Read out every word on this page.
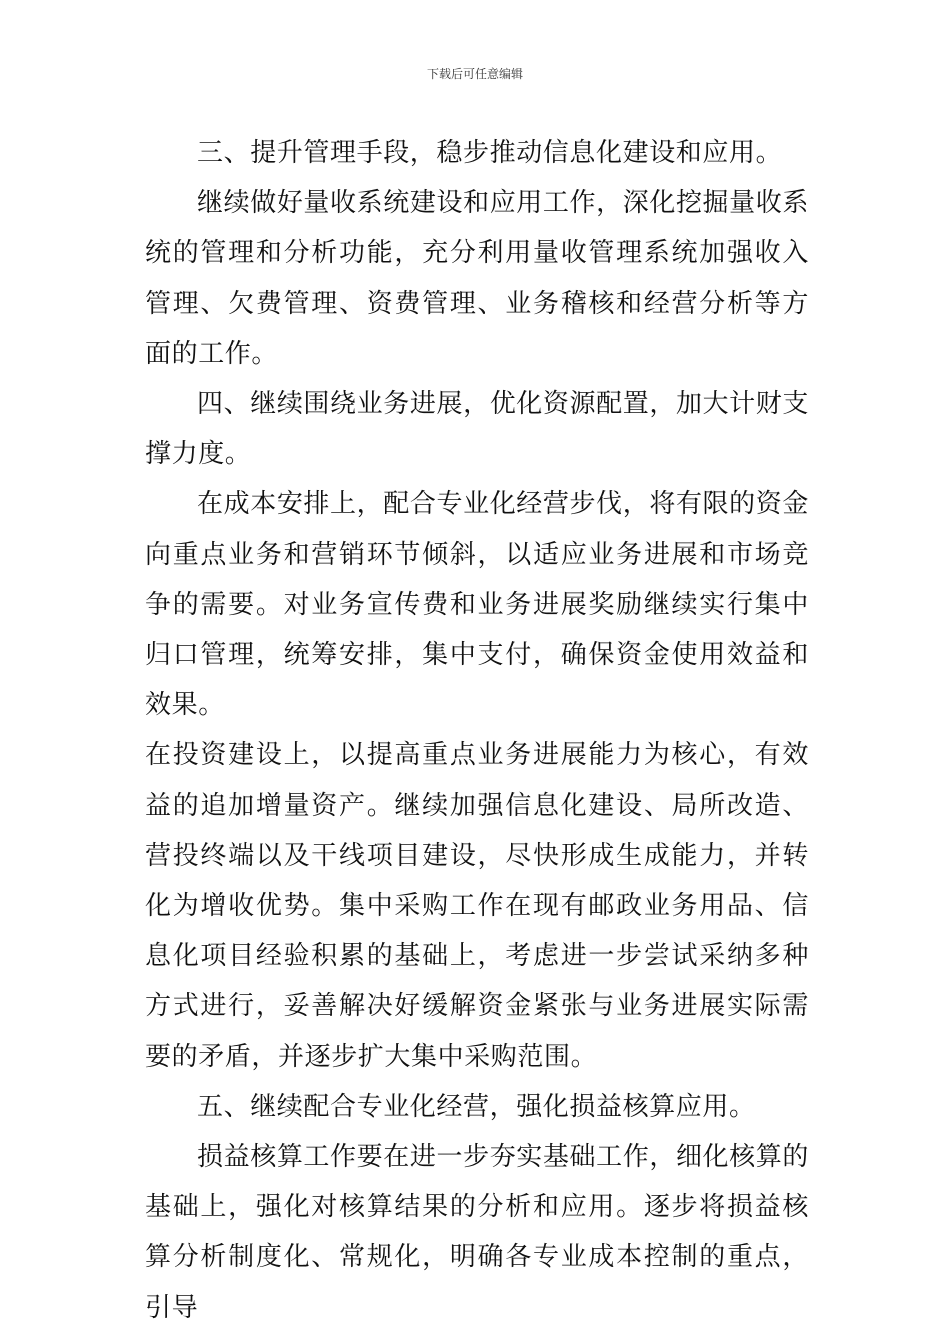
下载后可任意编辑

三、提升管理手段，稳步推动信息化建设和应用。

继续做好量收系统建设和应用工作，深化挖掘量收系统的管理和分析功能，充分利用量收管理系统加强收入管理、欠费管理、资费管理、业务稽核和经营分析等方面的工作。

四、继续围绕业务进展，优化资源配置，加大计财支撑力度。

在成本安排上，配合专业化经营步伐，将有限的资金向重点业务和营销环节倾斜，以适应业务进展和市场竞争的需要。对业务宣传费和业务进展奖励继续实行集中归口管理，统筹安排，集中支付，确保资金使用效益和效果。

在投资建设上，以提高重点业务进展能力为核心，有效益的追加增量资产。继续加强信息化建设、局所改造、营投终端以及干线项目建设，尽快形成生成能力，并转化为增收优势。集中采购工作在现有邮政业务用品、信息化项目经验积累的基础上，考虑进一步尝试采纳多种方式进行，妥善解决好缓解资金紧张与业务进展实际需要的矛盾，并逐步扩大集中采购范围。

五、继续配合专业化经营，强化损益核算应用。

损益核算工作要在进一步夯实基础工作，细化核算的基础上，强化对核算结果的分析和应用。逐步将损益核算分析制度化、常规化，明确各专业成本控制的重点，引导
